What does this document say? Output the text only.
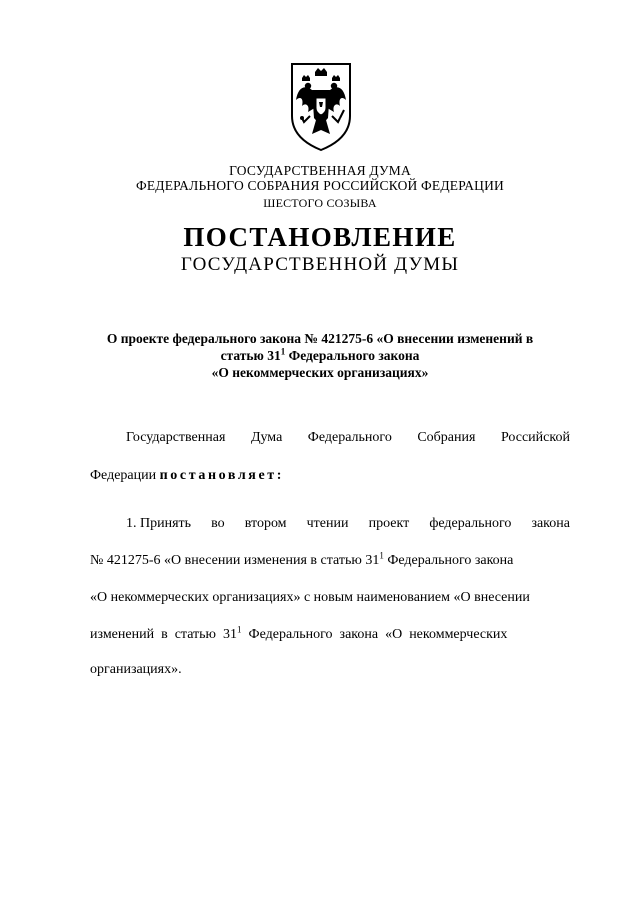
ГОСУДАРСТВЕННАЯ ДУМА
ФЕДЕРАЛЬНОГО СОБРАНИЯ РОССИЙСКОЙ ФЕДЕРАЦИИ
ШЕСТОГО СОЗЫВА
ПОСТАНОВЛЕНИЕ
ГОСУДАРСТВЕННОЙ ДУМЫ
О проекте федерального закона № 421275-6 «О внесении изменений в
статью $31^1$ Федерального закона
«О некоммерческих организациях»
Государственная Дума Федерального Собрания Российской
Федерации постановляет:
1. Принять во втором чтении проект федерального закона
№ 421275-6 «О внесении изменения в статью $31^1$ Федерального закона
«О некоммерческих организациях» с новым наименованием «О внесении
изменений  в  статью  $31^1$  Федерального  закона  «О  некоммерческих
организациях».
